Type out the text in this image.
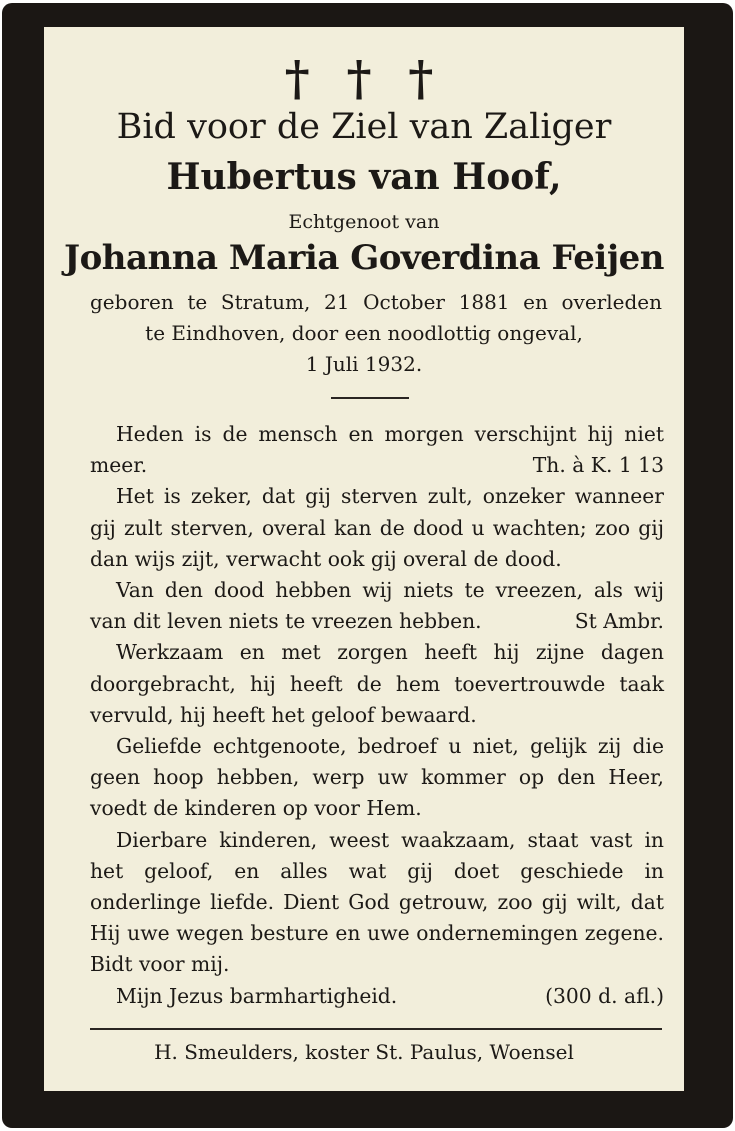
† † †
Bid voor de Ziel van Zaliger
Hubertus van Hoof,
Echtgenoot van
Johanna Maria Goverdina Feijen
geboren te Stratum, 21 October 1881 en overleden
te Eindhoven, door een noodlottig ongeval,
1 Juli 1932.
Heden is de mensch en morgen verschijnt hij niet
meer.	Th. à K. 1 13
Het is zeker, dat gij sterven zult, onzeker wanneer gij zult sterven, overal kan de dood u wachten; zoo gij dan wijs zijt, verwacht ook gij overal de dood.
Van den dood hebben wij niets te vreezen, als wij
van dit leven niets te vreezen hebben.	St Ambr.
Werkzaam en met zorgen heeft hij zijne dagen doorgebracht, hij heeft de hem toevertrouwde taak vervuld, hij heeft het geloof bewaard.
Geliefde echtgenoote, bedroef u niet, gelijk zij die geen hoop hebben, werp uw kommer op den Heer, voedt de kinderen op voor Hem.
Dierbare kinderen, weest waakzaam, staat vast in het geloof, en alles wat gij doet geschiede in onderlinge liefde. Dient God getrouw, zoo gij wilt, dat Hij uwe wegen besture en uwe ondernemingen zegene. Bidt voor mij.
Mijn Jezus barmhartigheid.	(300 d. afl.)
H. Smeulders, koster St. Paulus, Woensel
